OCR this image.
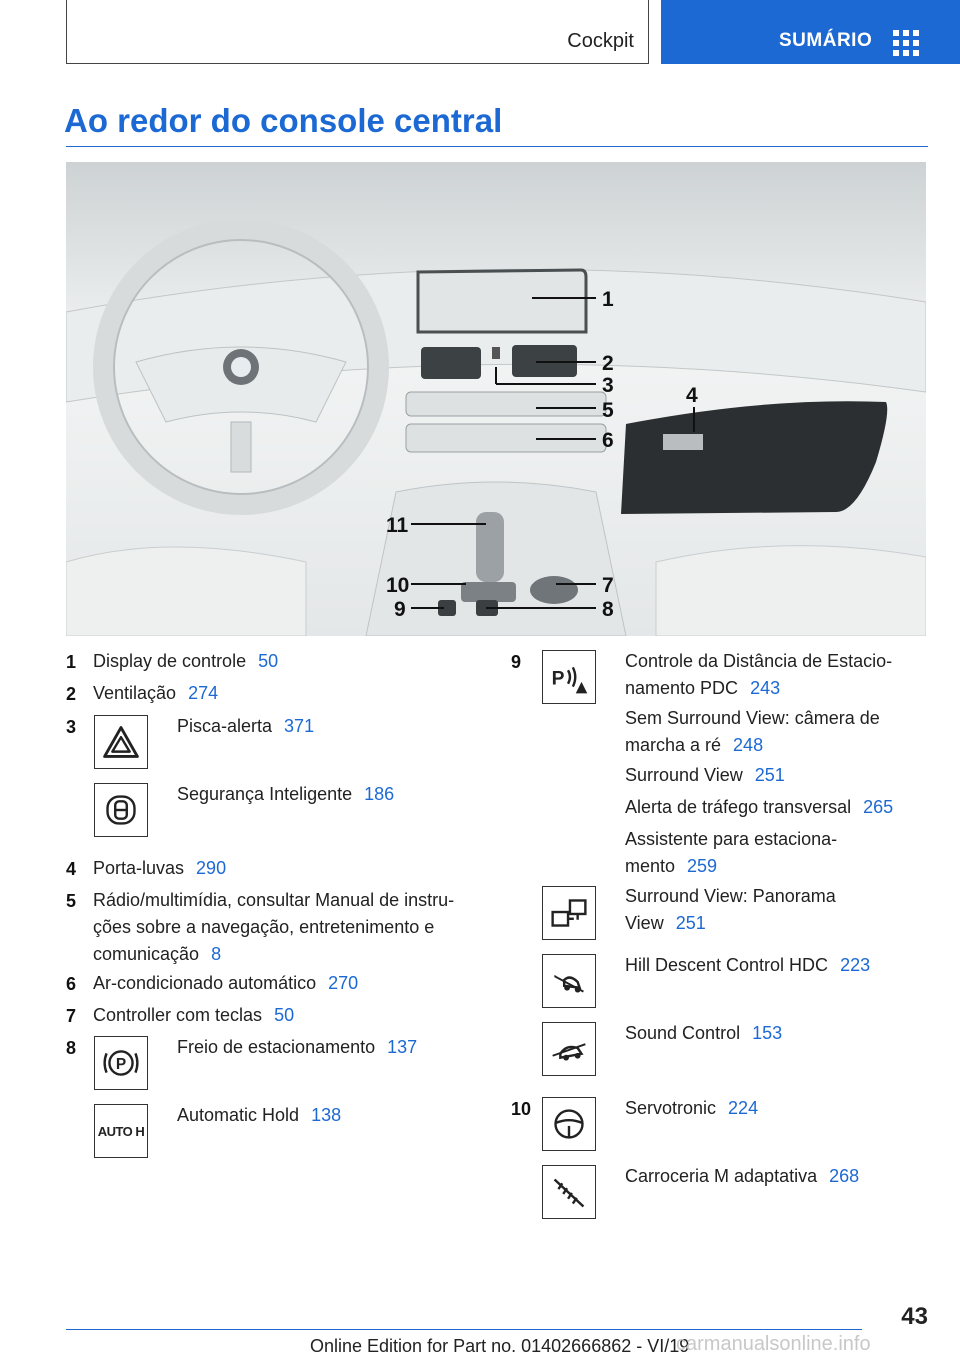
Cockpit	SUMÁRIO
Ao redor do console central
1
2
3	4
5
6
11
10
9
7
8
1 Display de controle 50
2 Ventilação 274
3	Pisca-alerta 371
Segurança Inteligente 186
4 Porta-luvas 290
5 Rádio/multimídia, consultar Manual de instru‐
ções sobre a navegação, entretenimento e
comunicação 8
6 Ar-condicionado automático 270
7 Controller com teclas 50
8
P
Freio de estacionamento 137
AUTO H
Automatic Hold 138
9
P
Controle da Distância de Estacio‐
namento PDC 243
Sem Surround View: câmera de
marcha a ré 248
Surround View 251
Alerta de tráfego transversal 265
Assistente para estaciona‐
mento 259
Surround View: Panorama
View 251
-
Hill Descent Control HDC 223
Sound Control 153
10	Servotronic 224
Carroceria M adaptativa 268
43
Online Edition for Part no. 01402666862 - VI/19
carmanualsonline.info
